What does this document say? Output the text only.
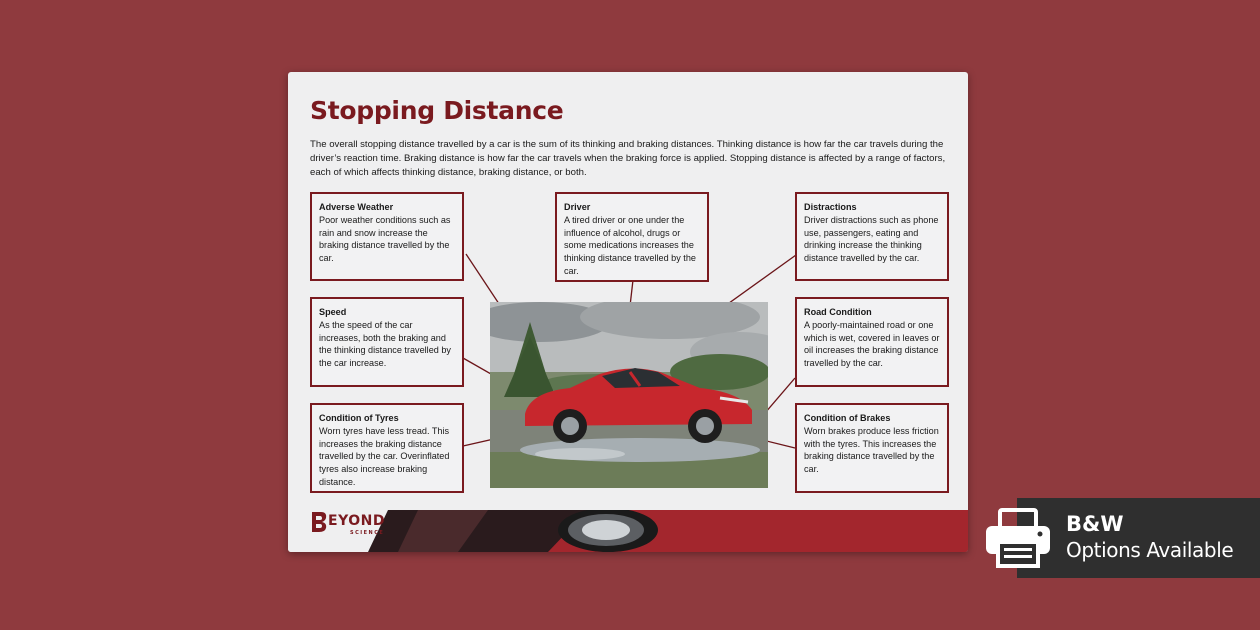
Stopping Distance

The overall stopping distance travelled by a car is the sum of its thinking and braking distances. Thinking distance is how far the car travels during the driver’s reaction time. Braking distance is how far the car travels when the braking force is applied. Stopping distance is affected by a range of factors, each of which affects thinking distance, braking distance, or both.

Adverse Weather
Poor weather conditions such as rain and snow increase the braking distance travelled by the car.
Driver
A tired driver or one under the influence of alcohol, drugs or some medications increases the thinking distance travelled by the car.
Distractions
Driver distractions such as phone use, passengers, eating and drinking increase the thinking distance travelled by the car.
Speed
As the speed of the car increases, both the braking and the thinking distance travelled by the car increase.
Road Condition
A poorly-maintained road or one which is wet, covered in leaves or oil increases the braking distance travelled by the car.
Condition of Tyres
Worn tyres have less tread. This increases the braking distance travelled by the car. Overinflated tyres also increase braking distance.
Condition of Brakes
Worn brakes produce less friction with the tyres. This increases the braking distance travelled by the car.
EYOND
SCIENCE	B&W
Options Available
